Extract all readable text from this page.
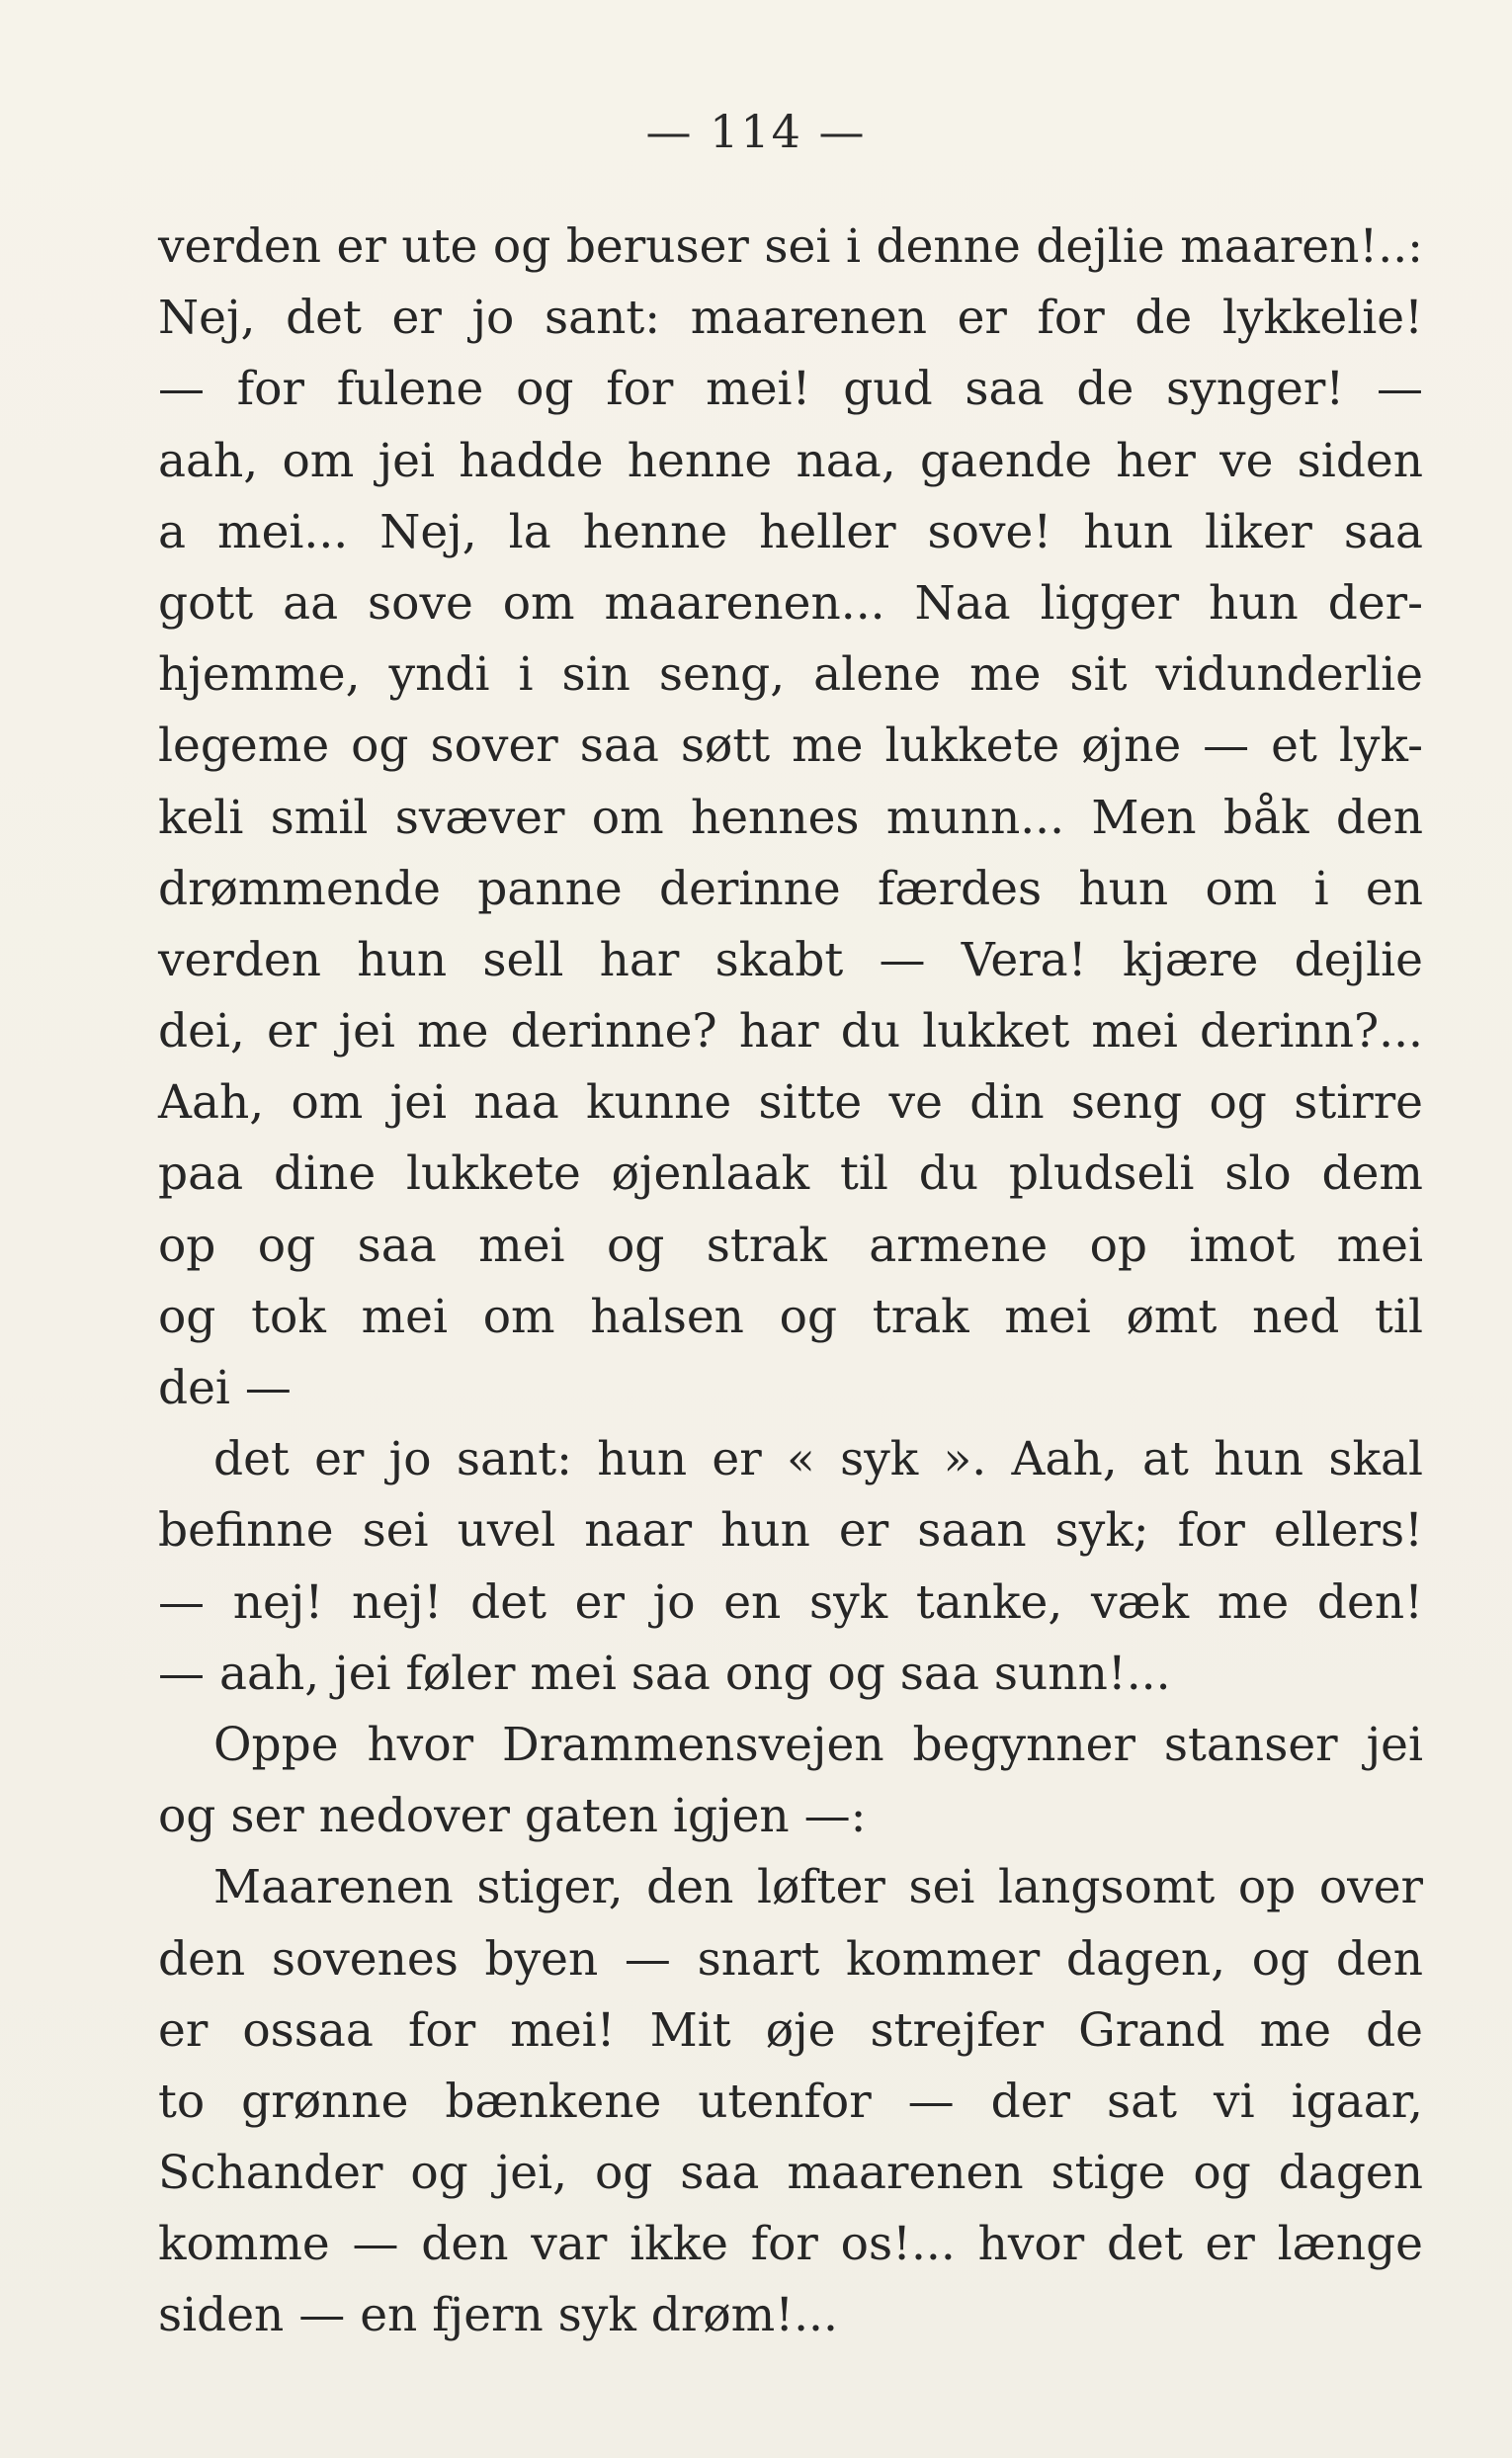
— 114 —
verden er ute og beruser sei i denne dejlie maaren!..:
Nej, det er jo sant: maarenen er for de lykkelie!
— for fulene og for mei! gud saa de synger! —
aah, om jei hadde henne naa, gaende her ve siden
a mei... Nej, la henne heller sove! hun liker saa
gott aa sove om maarenen... Naa ligger hun der-
hjemme, yndi i sin seng, alene me sit vidunderlie
legeme og sover saa søtt me lukkete øjne — et lyk-
keli smil svæver om hennes munn... Men båk den
drømmende panne derinne færdes hun om i en
verden hun sell har skabt — Vera! kjære dejlie
dei, er jei me derinne? har du lukket mei derinn?...
Aah, om jei naa kunne sitte ve din seng og stirre
paa dine lukkete øjenlaak til du pludseli slo dem
op og saa mei og strak armene op imot mei
og tok mei om halsen og trak mei ømt ned til
dei —
det er jo sant: hun er « syk ». Aah, at hun skal
befinne sei uvel naar hun er saan syk; for ellers!
— nej! nej! det er jo en syk tanke, væk me den!
— aah, jei føler mei saa ong og saa sunn!...
Oppe hvor Drammensvejen begynner stanser jei
og ser nedover gaten igjen —:
Maarenen stiger, den løfter sei langsomt op over
den sovenes byen — snart kommer dagen, og den
er ossaa for mei! Mit øje strejfer Grand me de
to grønne bænkene utenfor — der sat vi igaar,
Schander og jei, og saa maarenen stige og dagen
komme — den var ikke for os!... hvor det er længe
siden — en fjern syk drøm!...
